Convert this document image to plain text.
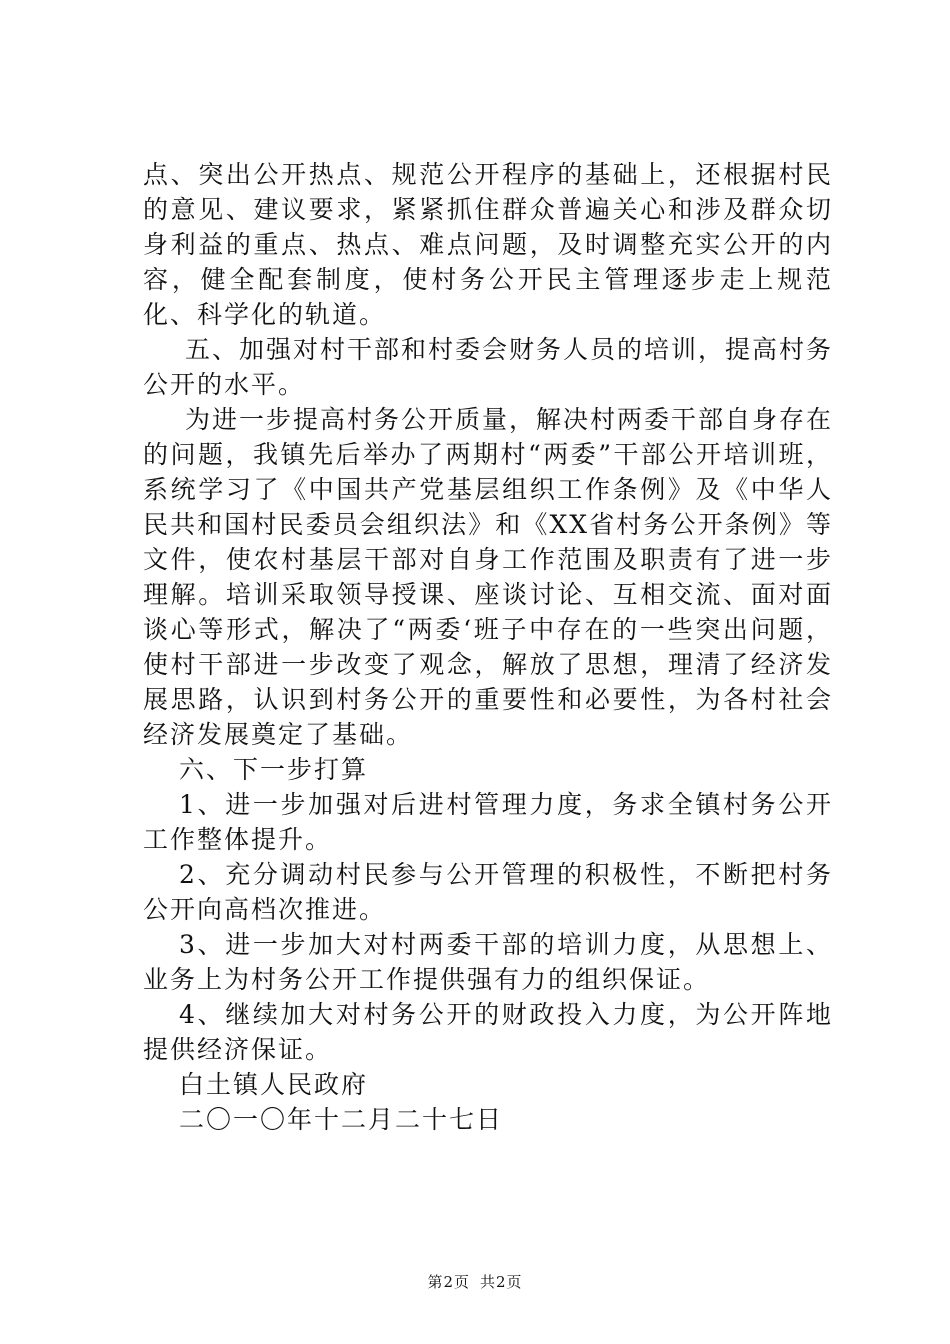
点、突出公开热点、规范公开程序的基础上，还根据村民的意见、建议要求，紧紧抓住群众普遍关心和涉及群众切身利益的重点、热点、难点问题，及时调整充实公开的内容，健全配套制度，使村务公开民主管理逐步走上规范化、科学化的轨道。

五、加强对村干部和村委会财务人员的培训，提高村务公开的水平。

为进一步提高村务公开质量，解决村两委干部自身存在的问题，我镇先后举办了两期村“两委”干部公开培训班，系统学习了《中国共产党基层组织工作条例》及《中华人民共和国村民委员会组织法》和《XX省村务公开条例》等文件，使农村基层干部对自身工作范围及职责有了进一步理解。培训采取领导授课、座谈讨论、互相交流、面对面谈心等形式，解决了“两委‘班子中存在的一些突出问题，使村干部进一步改变了观念，解放了思想，理清了经济发展思路，认识到村务公开的重要性和必要性，为各村社会经济发展奠定了基础。

六、下一步打算

1、进一步加强对后进村管理力度，务求全镇村务公开工作整体提升。

2、充分调动村民参与公开管理的积极性，不断把村务公开向高档次推进。

3、进一步加大对村两委干部的培训力度，从思想上、业务上为村务公开工作提供强有力的组织保证。

4、继续加大对村务公开的财政投入力度，为公开阵地提供经济保证。

白土镇人民政府

二〇一〇年十二月二十七日

第2页 共2页
